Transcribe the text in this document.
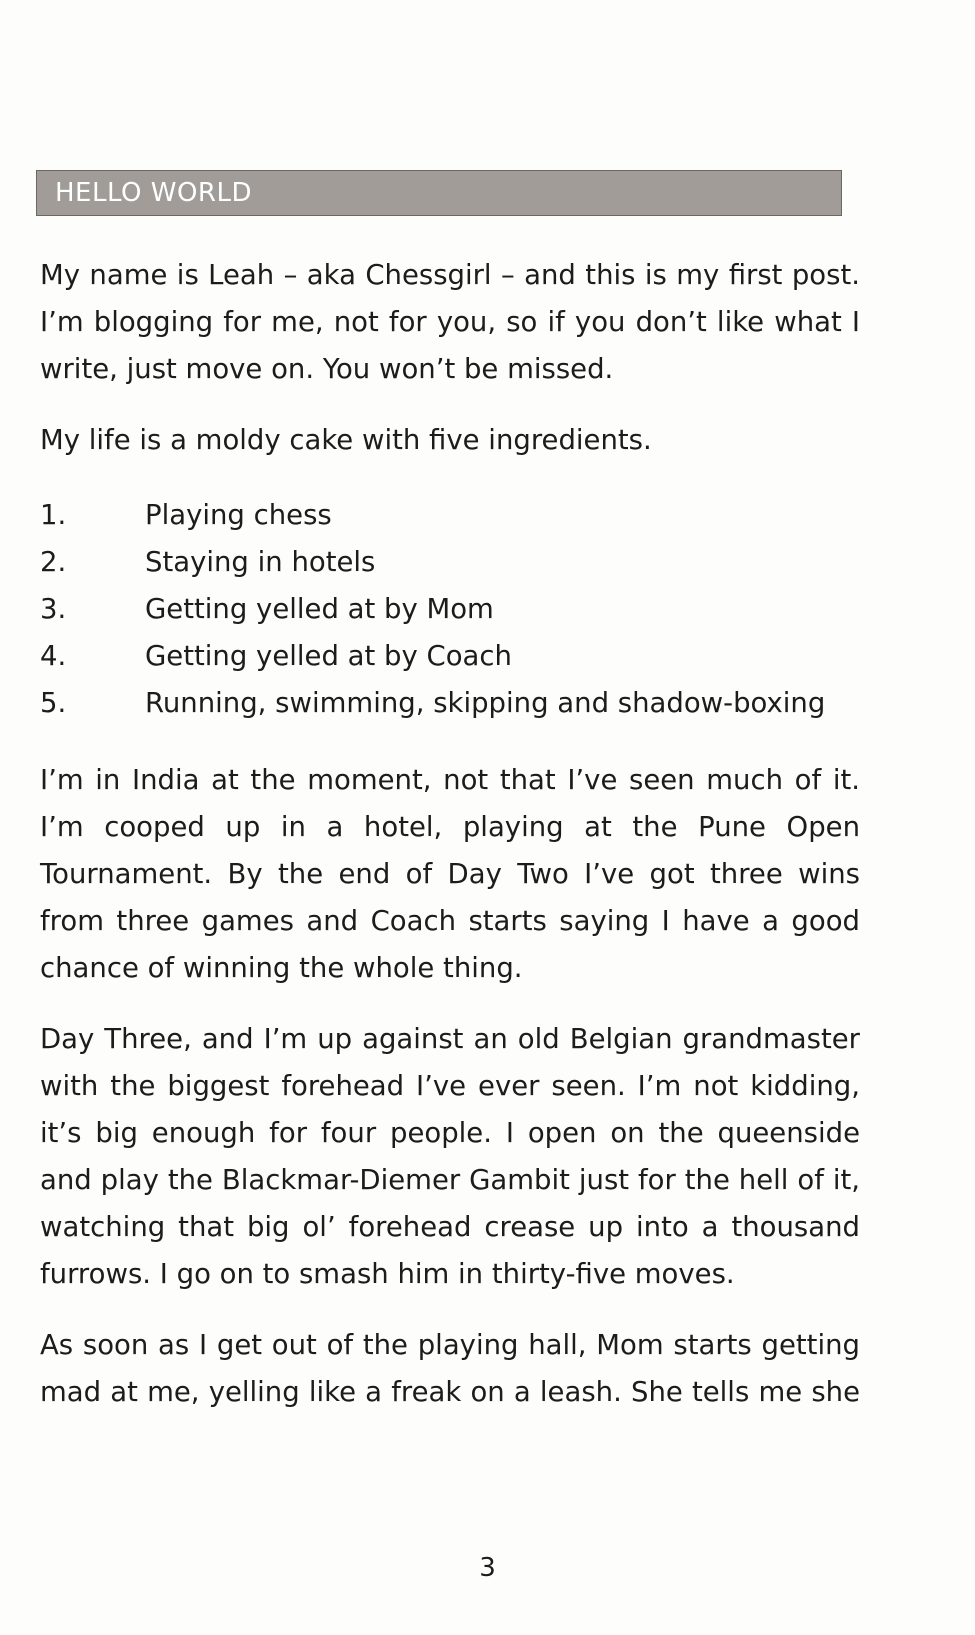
HELLO WORLD

My name is Leah – aka Chessgirl – and this is my first post. I’m blogging for me, not for you, so if you don’t like what I write, just move on. You won’t be missed.

My life is a moldy cake with five ingredients.

1.	Playing chess
2.	Staying in hotels
3.	Getting yelled at by Mom
4.	Getting yelled at by Coach
5.	Running, swimming, skipping and shadow-boxing

I’m in India at the moment, not that I’ve seen much of it. I’m cooped up in a hotel, playing at the Pune Open Tournament. By the end of Day Two I’ve got three wins from three games and Coach starts saying I have a good chance of winning the whole thing.

Day Three, and I’m up against an old Belgian grandmaster with the biggest forehead I’ve ever seen. I’m not kidding, it’s big enough for four people. I open on the queenside and play the Blackmar-Diemer Gambit just for the hell of it, watching that big ol’ forehead crease up into a thousand furrows. I go on to smash him in thirty-five moves.

As soon as I get out of the playing hall, Mom starts getting mad at me, yelling like a freak on a leash. She tells me she

3
